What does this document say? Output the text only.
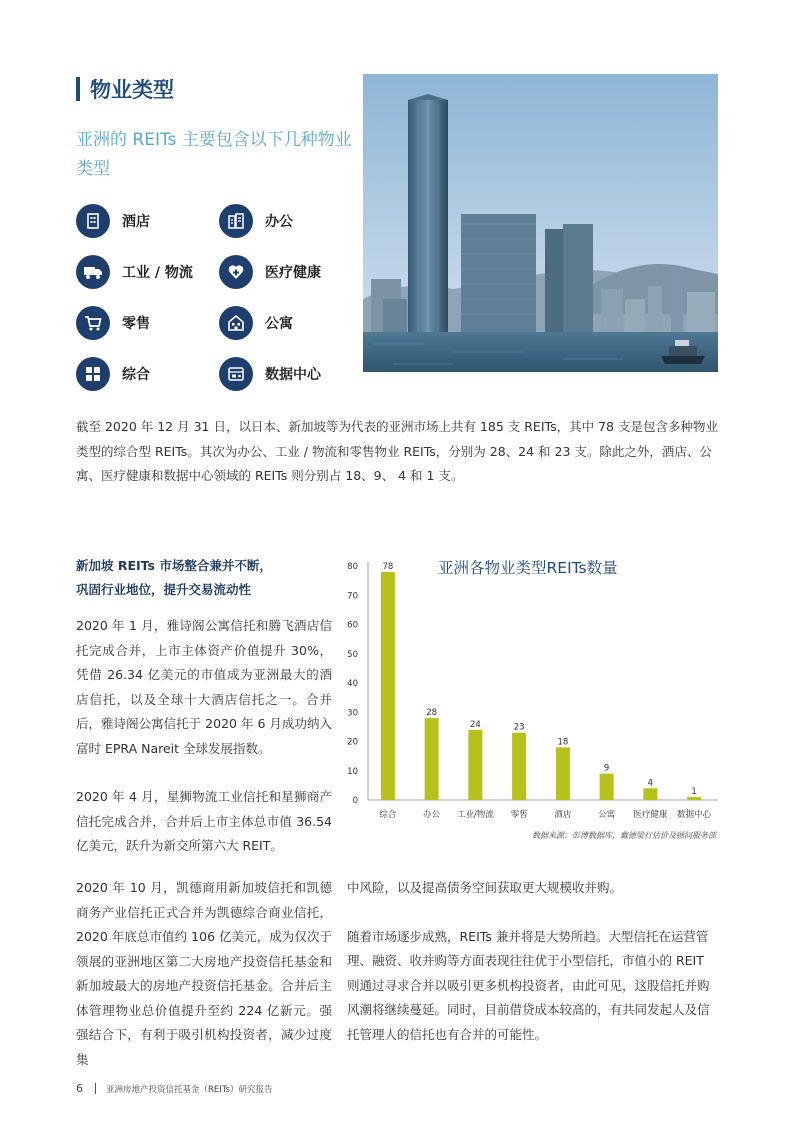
物业类型
亚洲的 REITs 主要包含以下几种物业类型
酒店	办公
工业 / 物流	医疗健康
零售	公寓
综合	数据中心

截至 2020 年 12 月 31 日，以日本、新加坡等为代表的亚洲市场上共有 185 支 REITs，其中 78 支是包含多种物业类型的综合型 REITs。其次为办公、工业 / 物流和零售物业 REITs，分别为 28、24 和 23 支。除此之外，酒店、公寓、医疗健康和数据中心领域的 REITs 则分别占 18、9、 4 和 1 支。

新加坡 REITs 市场整合兼并不断，
巩固行业地位，提升交易流动性

2020 年 1 月，雅诗阁公寓信托和腾飞酒店信托完成合并，上市主体资产价值提升 30%，凭借 26.34 亿美元的市值成为亚洲最大的酒店信托，以及全球十大酒店信托之一。合并后，雅诗阁公寓信托于 2020 年 6 月成功纳入富时 EPRA Nareit 全球发展指数。

2020 年 4 月，星狮物流工业信托和星狮商产信托完成合并，合并后上市主体总市值 36.54 亿美元，跃升为新交所第六大 REIT。

亚洲各物业类型REITs数量
0
10
20
30
40
50
60
70
80	78
综合
28
办公
24
工业/物流
23
零售
18
酒店
9
公寓
4
医疗健康
1
数据中心
数据来源：彭博数据库，戴德梁行估价及顾问服务部

2020 年 10 月，凯德商用新加坡信托和凯德商务产业信托正式合并为凯德综合商业信托，2020 年底总市值约 106 亿美元，成为仅次于领展的亚洲地区第二大房地产投资信托基金和新加坡最大的房地产投资信托基金。合并后主体管理物业总价值提升至约 224 亿新元。强强结合下，有利于吸引机构投资者，减少过度集

中风险，以及提高债务空间获取更大规模收并购。

随着市场逐步成熟，REITs 兼并将是大势所趋。大型信托在运营管理、融资、收并购等方面表现往往优于小型信托，市值小的 REIT 则通过寻求合并以吸引更多机构投资者，由此可见，这股信托并购风潮将继续蔓延。同时，目前借贷成本较高的，有共同发起人及信托管理人的信托也有合并的可能性。

6	亚洲房地产投资信托基金（REITs）研究报告
